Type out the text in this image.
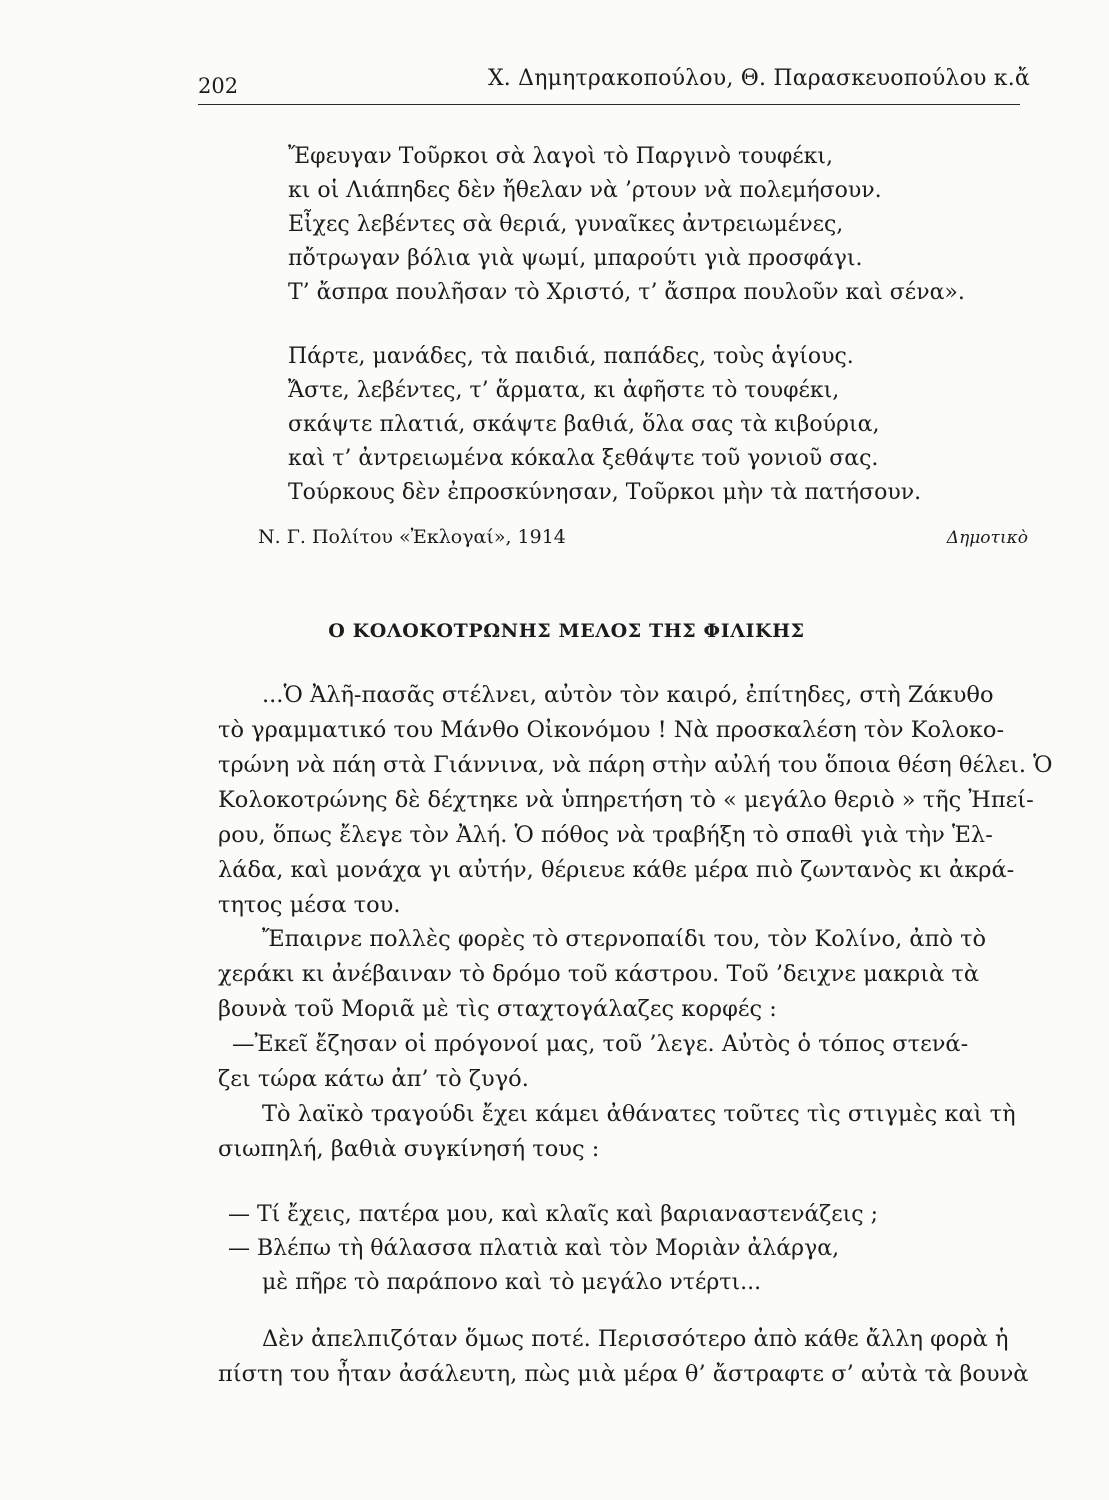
202	Χ. Δημητρακοπούλου, Θ. Παρασκευοπούλου κ.ἄ
Ἔφευγαν Τοῦρκοι σὰ λαγοὶ τὸ Παργινὸ τουφέκι,
κι οἱ Λιάπηδες δὲν ἤθελαν νὰ ’ρτουν νὰ πολεμήσουν.
Εἶχες λεβέντες σὰ θεριά, γυναῖκες ἀντρειωμένες,
πὄτρωγαν βόλια γιὰ ψωμί, μπαρούτι γιὰ προσφάγι.
Τ’ ἄσπρα πουλῆσαν τὸ Χριστό, τ’ ἄσπρα πουλοῦν καὶ σένα».
Πάρτε, μανάδες, τὰ παιδιά, παπάδες, τοὺς ἁγίους.
Ἄστε, λεβέντες, τ’ ἅρματα, κι ἀφῆστε τὸ τουφέκι,
σκάψτε πλατιά, σκάψτε βαθιά, ὅλα σας τὰ κιβούρια,
καὶ τ’ ἀντρειωμένα κόκαλα ξεθάψτε τοῦ γονιοῦ σας.
Τούρκους δὲν ἐπροσκύνησαν, Τοῦρκοι μὴν τὰ πατήσουν.
Ν. Γ. Πολίτου «Ἐκλογαί», 1914	Δημοτικὸ
Ο ΚΟΛΟΚΟΤΡΩΝΗΣ ΜΕΛΟΣ ΤΗΣ ΦΙΛΙΚΗΣ
...Ὁ Ἀλῆ-πασᾶς στέλνει, αὐτὸν τὸν καιρό, ἐπίτηδες, στὴ Ζάκυθο
τὸ γραμματικό του Μάνθο Οἰκονόμου ! Νὰ προσκαλέση τὸν Κολοκο-
τρώνη νὰ πάη στὰ Γιάννινα, νὰ πάρη στὴν αὐλή του ὅποια θέση θέλει. Ὁ
Κολοκοτρώνης δὲ δέχτηκε νὰ ὑπηρετήση τὸ « μεγάλο θεριὸ » τῆς Ἠπεί-
ρου, ὅπως ἔλεγε τὸν Ἀλή. Ὁ πόθος νὰ τραβήξη τὸ σπαθὶ γιὰ τὴν Ἑλ-
λάδα, καὶ μονάχα γι αὐτήν, θέριευε κάθε μέρα πιὸ ζωντανὸς κι ἀκρά-
τητος μέσα του.
Ἔπαιρνε πολλὲς φορὲς τὸ στερνοπαίδι του, τὸν Κολίνο, ἀπὸ τὸ
χεράκι κι ἀνέβαιναν τὸ δρόμο τοῦ κάστρου. Τοῦ ’δειχνε μακριὰ τὰ
βουνὰ τοῦ Μοριᾶ μὲ τὶς σταχτογάλαζες κορφές :
—Ἐκεῖ ἔζησαν οἱ πρόγονοί μας, τοῦ ’λεγε. Αὐτὸς ὁ τόπος στενά-
ζει τώρα κάτω ἀπ’ τὸ ζυγό.
Τὸ λαϊκὸ τραγούδι ἔχει κάμει ἀθάνατες τοῦτες τὶς στιγμὲς καὶ τὴ
σιωπηλή, βαθιὰ συγκίνησή τους :
— Τί ἔχεις, πατέρα μου, καὶ κλαῖς καὶ βαριαναστενάζεις ;
— Βλέπω τὴ θάλασσα πλατιὰ καὶ τὸν Μοριὰν ἀλάργα,
μὲ πῆρε τὸ παράπονο καὶ τὸ μεγάλο ντέρτι...
Δὲν ἀπελπιζόταν ὅμως ποτέ. Περισσότερο ἀπὸ κάθε ἄλλη φορὰ ἡ
πίστη του ἦταν ἀσάλευτη, πὼς μιὰ μέρα θ’ ἄστραφτε σ’ αὐτὰ τὰ βουνὰ
